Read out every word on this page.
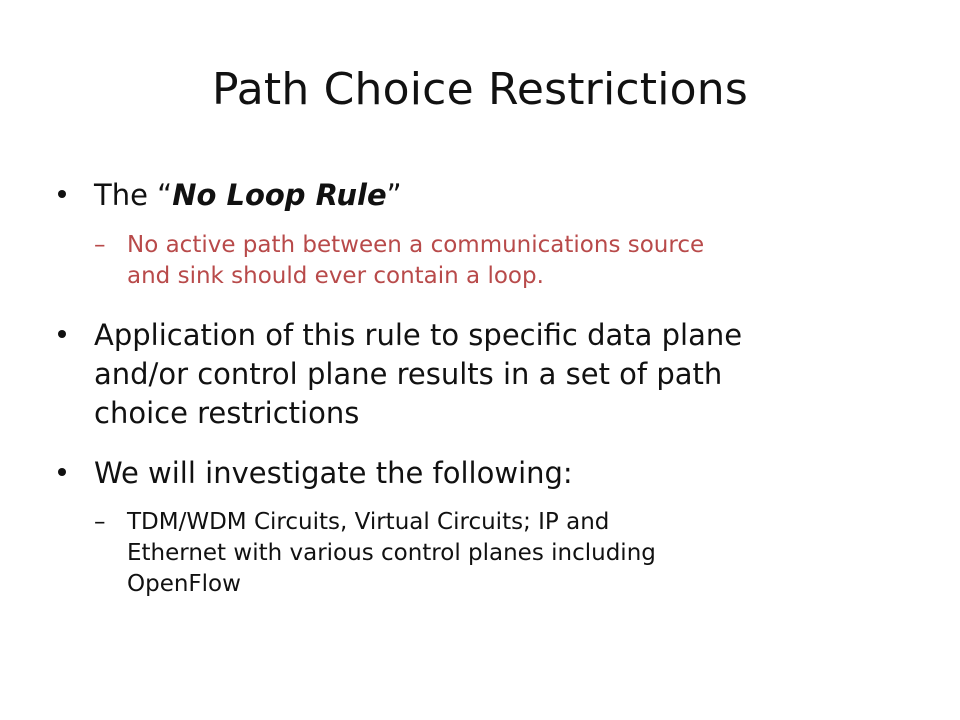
Path Choice Restrictions
The “No Loop Rule”
– No active path between a communications source
and sink should ever contain a loop.
Application of this rule to specific data plane
and/or control plane results in a set of path
choice restrictions
We will investigate the following:
– TDM/WDM Circuits, Virtual Circuits; IP and
Ethernet with various control planes including
OpenFlow
